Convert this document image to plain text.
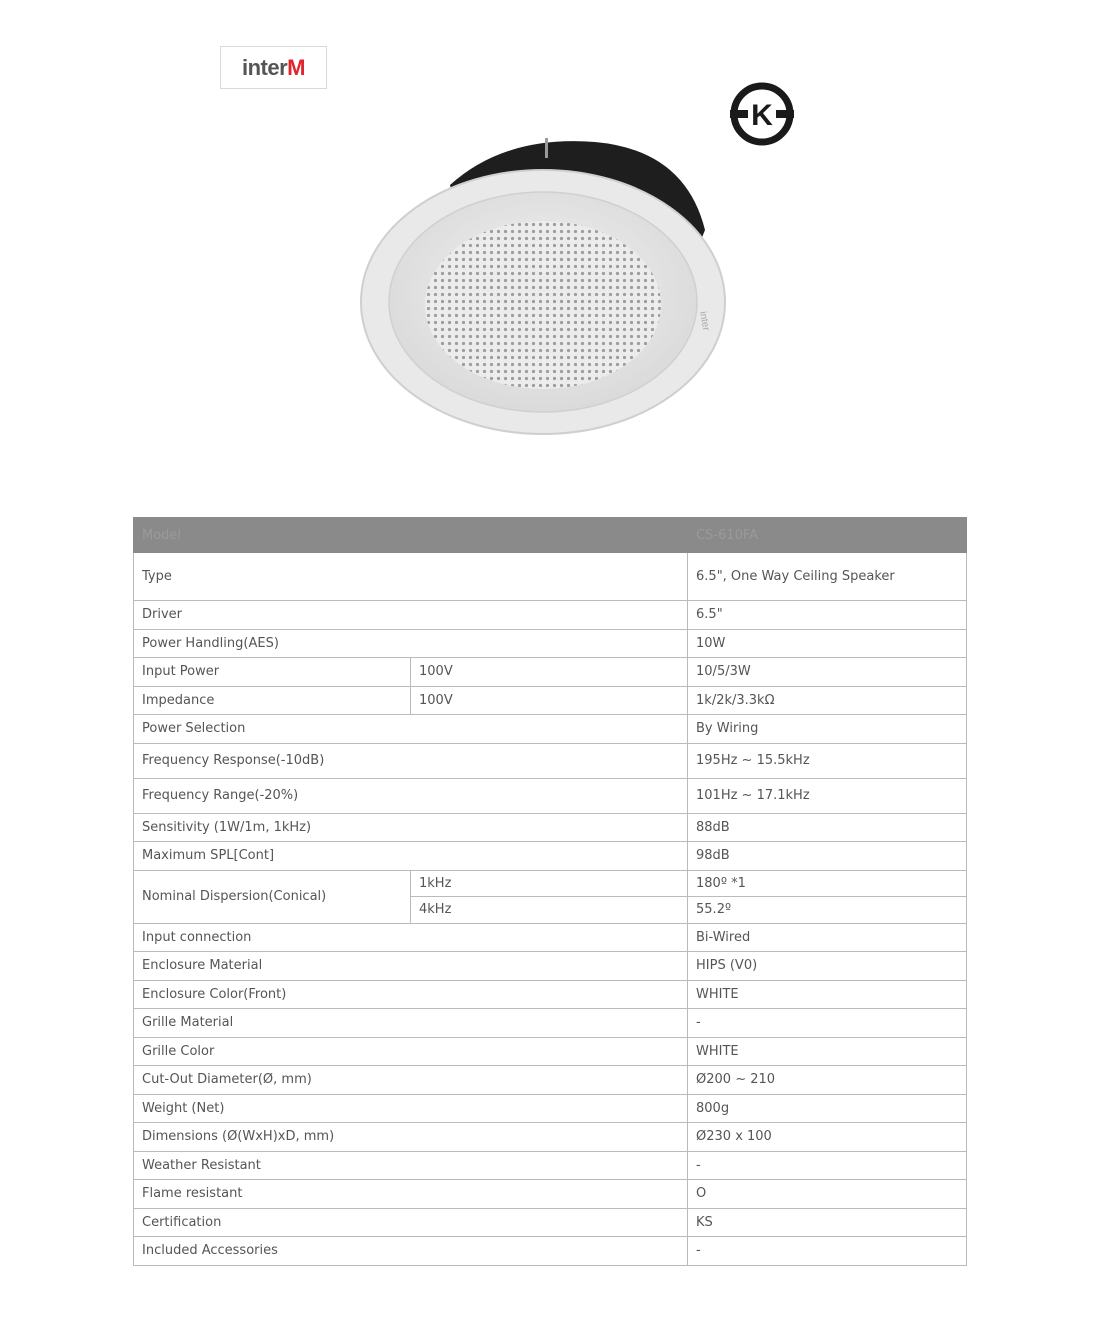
interM
K
inter
Model		CS-610FA
Type		6.5", One Way Ceiling Speaker
Driver		6.5"
Power Handling(AES)		10W
Input Power	100V	10/5/3W
Impedance	100V	1k/2k/3.3kΩ
Power Selection		By Wiring
Frequency Response(-10dB)		195Hz ~ 15.5kHz
Frequency Range(-20%)		101Hz ~ 17.1kHz
Sensitivity (1W/1m, 1kHz)		88dB
Maximum SPL[Cont]		98dB
Nominal Dispersion(Conical)	1kHz	180º *1
	4kHz	55.2º
Input connection		Bi-Wired
Enclosure Material		HIPS (V0)
Enclosure Color(Front)		WHITE
Grille Material		-
Grille Color		WHITE
Cut-Out Diameter(Ø, mm)		Ø200 ~ 210
Weight (Net)		800g
Dimensions (Ø(WxH)xD, mm)		Ø230 x 100
Weather Resistant		-
Flame resistant		O
Certification		KS
Included Accessories		-
